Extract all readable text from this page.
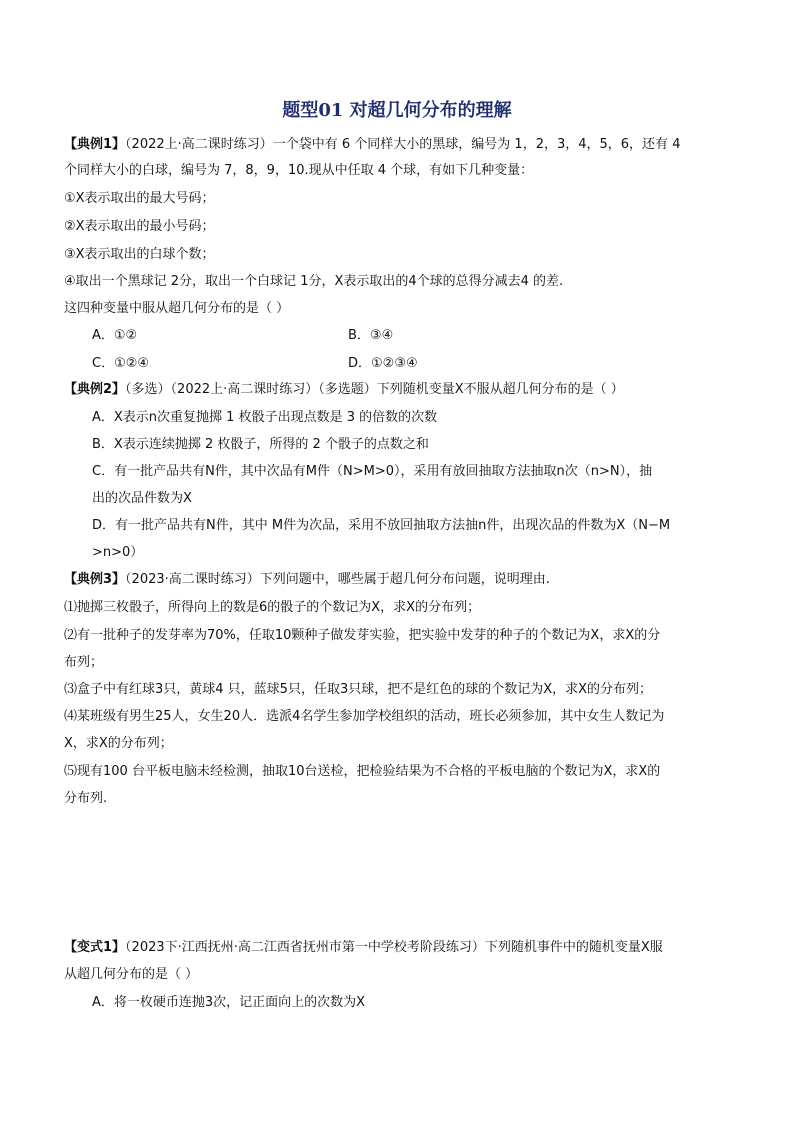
题型01 对超几何分布的理解
【典例1】（2022上·高二课时练习）一个袋中有 6 个同样大小的黑球，编号为 1，2，3，4，5，6，还有 4
个同样大小的白球，编号为 7，8，9，10.现从中任取 4 个球，有如下几种变量：
①X表示取出的最大号码；
②X表示取出的最小号码；
③X表示取出的白球个数；
④取出一个黑球记 2分，取出一个白球记 1分，X表示取出的4个球的总得分减去4 的差.
这四种变量中服从超几何分布的是（ ）
A．①②	B．③④
C．①②④	D．①②③④
【典例2】（多选）（2022上·高二课时练习）（多选题）下列随机变量X不服从超几何分布的是（ ）
A．X表示n次重复抛掷 1 枚骰子出现点数是 3 的倍数的次数
B．X表示连续抛掷 2 枚骰子，所得的 2 个骰子的点数之和
C．有一批产品共有N件，其中次品有M件（N>M>0），采用有放回抽取方法抽取n次（n>N），抽
出的次品件数为X
D．有一批产品共有N件，其中 M件为次品，采用不放回抽取方法抽n件，出现次品的件数为X（N−M
>n>0）
【典例3】（2023·高二课时练习）下列问题中，哪些属于超几何分布问题，说明理由.
⑴抛掷三枚骰子，所得向上的数是6的骰子的个数记为X，求X的分布列；
⑵有一批种子的发芽率为70%，任取10颗种子做发芽实验，把实验中发芽的种子的个数记为X，求X的分
布列；
⑶盒子中有红球3只，黄球4 只，蓝球5只，任取3只球，把不是红色的球的个数记为X，求X的分布列；
⑷某班级有男生25人，女生20人．选派4名学生参加学校组织的活动，班长必须参加，其中女生人数记为
X，求X的分布列；
⑸现有100 台平板电脑未经检测，抽取10台送检，把检验结果为不合格的平板电脑的个数记为X，求X的
分布列.
【变式1】（2023下·江西抚州·高二江西省抚州市第一中学校考阶段练习）下列随机事件中的随机变量X服
从超几何分布的是（ ）
A．将一枚硬币连抛3次，记正面向上的次数为X
